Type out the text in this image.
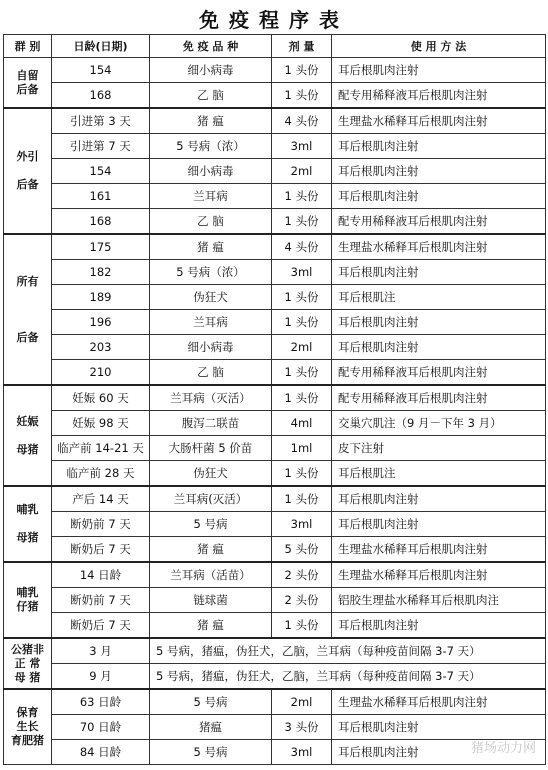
免疫程序表
群 别	日龄(日期)	免 疫 品 种	剂 量	使 用 方 法

自留
后备	154	细小病毒	1 头份	耳后根肌肉注射
	168	乙 脑	1 头份	配专用稀释液耳后根肌肉注射

外引

后备	引进第 3 天	猪 瘟	4 头份	生理盐水稀释耳后根肌肉注射
	引进第 7 天	5 号病（浓）	3ml	耳后根肌肉注射
	154	细小病毒	2ml	耳后根肌肉注射
	161	兰耳病	1 头份	耳后根肌肉注射
	168	乙 脑	1 头份	配专用稀释液耳后根肌肉注射

所有

后备	175	猪 瘟	4 头份	生理盐水稀释耳后根肌肉注射
	182	5 号病（浓）	3ml	耳后根肌肉注射
	189	伪狂犬	1 头份	耳后根肌注
	196	兰耳病	1 头份	耳后根肌肉注射
	203	细小病毒	2ml	耳后根肌肉注射
	210	乙 脑	1 头份	配专用稀释液耳后根肌肉注射

妊娠

母猪	妊娠 60 天	兰耳病（灭活）	1 头份	配专用稀释液耳后根肌肉注射
	妊娠 98 天	腹泻二联苗	4ml	交巢穴肌注（9 月－下年 3 月）
	临产前 14-21 天	大肠杆菌 5 价苗	1ml	皮下注射
	临产前 28 天	伪狂犬	1 头份	耳后根肌注

哺乳

母猪	产后 14 天	兰耳病(灭活）	1 头份	耳后根肌肉注射
	断奶前 7 天	5 号病	3ml	耳后根肌肉注射
	断奶后 7 天	猪 瘟	5 头份	生理盐水稀释耳后根肌肉注射

哺乳
仔猪	14 日龄	兰耳病（活苗）	2 头份	生理盐水稀释耳后根肌肉注射
	断奶前 7 天	链球菌	2 头份	铝胶生理盐水稀释耳后根肌肉注
	断奶后 7 天	猪 瘟	1 头份	耳后根肌肉注射

公猪非
正 常
母 猪	3 月	5 号病，猪瘟，伪狂犬，乙脑，兰耳病（每种疫苗间隔 3-7 天）		
	9 月	5 号病，猪瘟，伪狂犬，乙脑，兰耳病（每种疫苗间隔 3-7 天）		

保育
生长
育肥猪	63 日龄	5 号病	2ml	生理盐水稀释耳后根肌肉注射
	70 日龄	猪瘟	3 头份	耳后根肌肉注射
	84 日龄	5 号病	3ml	耳后根肌肉注射	猪场动力网
